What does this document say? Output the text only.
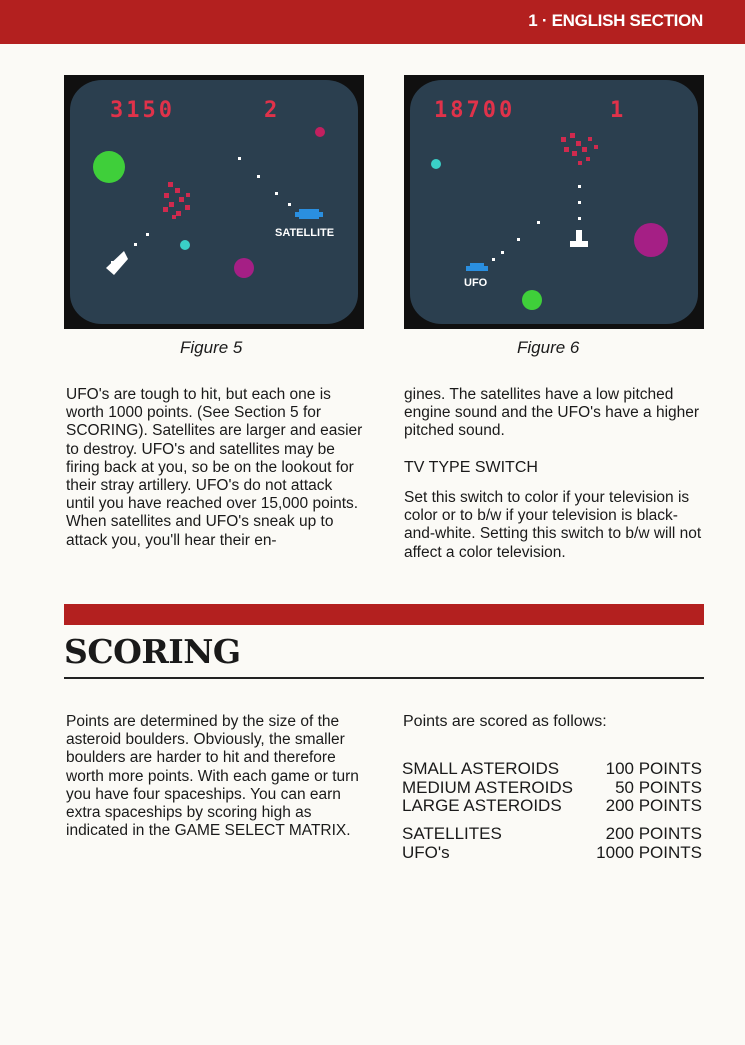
1 · ENGLISH SECTION
3150	2
SATELLITE
Figure 5
18700	1
UFO
Figure 6

UFO's are tough to hit, but each one is worth 1000 points. (See Section 5 for SCORING). Satellites are larger and easier to destroy. UFO's and satellites may be firing back at you, so be on the lookout for their stray artillery. UFO's do not attack until you have reached over 15,000 points. When satellites and UFO's sneak up to attack you, you'll hear their en-

gines. The satellites have a low pitched engine sound and the UFO's have a higher pitched sound.

TV TYPE SWITCH

Set this switch to color if your television is color or to b/w if your television is black-and-white. Setting this switch to b/w will not affect a color television.

SCORING

Points are determined by the size of the asteroid boulders. Obviously, the smaller boulders are harder to hit and therefore worth more points. With each game or turn you have four spaceships. You can earn extra spaceships by scoring high as indicated in the GAME SELECT MATRIX.

Points are scored as follows:
SMALL ASTEROIDS	100 POINTS
MEDIUM ASTEROIDS 50 POINTS
LARGE ASTEROIDS	200 POINTS
SATELLITES	200 POINTS
UFO's	1000 POINTS
